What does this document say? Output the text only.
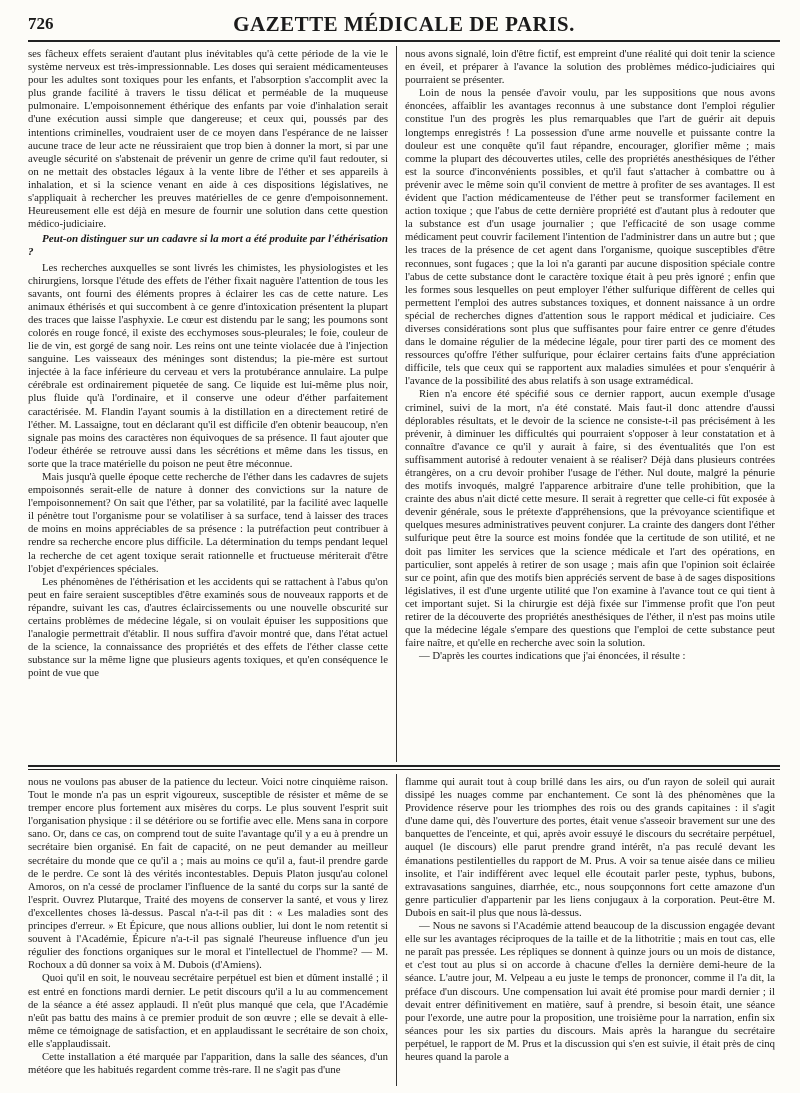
726	GAZETTE MÉDICALE DE PARIS.

ses fâcheux effets seraient d'autant plus inévitables qu'à cette période de la vie le système nerveux est très-impressionnable. Les doses qui seraient médicamenteuses pour les adultes sont toxiques pour les enfants, et l'absorption s'accomplit avec la plus grande facilité à travers le tissu délicat et perméable de la muqueuse pulmonaire. L'empoisonnement éthérique des enfants par voie d'inhalation serait d'une exécution aussi simple que dangereuse; et ceux qui, poussés par des intentions criminelles, voudraient user de ce moyen dans l'espérance de ne laisser aucune trace de leur acte ne réussiraient que trop bien à donner la mort, si par une aveugle sécurité on s'abstenait de prévenir un genre de crime qu'il faut redouter, si on ne mettait des obstacles légaux à la vente libre de l'éther et ses appareils à inhalation, et si la science venant en aide à ces dispositions législatives, ne s'appliquait à rechercher les preuves matérielles de ce genre d'empoisonnement. Heureusement elle est déjà en mesure de fournir une solution dans cette question médico-judiciaire.

Peut-on distinguer sur un cadavre si la mort a été produite par l'éthérisation ?

Les recherches auxquelles se sont livrés les chimistes, les physiologistes et les chirurgiens, lorsque l'étude des effets de l'éther fixait naguère l'attention de tous les savants, ont fourni des éléments propres à éclairer les cas de cette nature. Les animaux éthérisés et qui succombent à ce genre d'intoxication présentent la plupart des traces que laisse l'asphyxie. Le cœur est distendu par le sang; les poumons sont colorés en rouge foncé, il existe des ecchymoses sous-pleurales; le foie, couleur de lie de vin, est gorgé de sang noir. Les reins ont une teinte violacée due à l'injection sanguine. Les vaisseaux des méninges sont distendus; la pie-mère est surtout injectée à la face inférieure du cerveau et vers la protubérance annulaire. La pulpe cérébrale est ordinairement piquetée de sang. Ce liquide est lui-même plus noir, plus fluide qu'à l'ordinaire, et il conserve une odeur d'éther parfaitement caractérisée. M. Flandin l'ayant soumis à la distillation en a directement retiré de l'éther. M. Lassaigne, tout en déclarant qu'il est difficile d'en obtenir beaucoup, n'en signale pas moins des caractères non équivoques de sa présence. Il faut ajouter que l'odeur éthérée se retrouve aussi dans les sécrétions et même dans les tissus, en sorte que la trace matérielle du poison ne peut être méconnue.

Mais jusqu'à quelle époque cette recherche de l'éther dans les cadavres de sujets empoisonnés serait-elle de nature à donner des convictions sur la nature de l'empoisonnement? On sait que l'éther, par sa volatilité, par la facilité avec laquelle il pénètre tout l'organisme pour se volatiliser à sa surface, tend à laisser des traces de moins en moins appréciables de sa présence : la putréfaction peut contribuer à rendre sa recherche encore plus difficile. La détermination du temps pendant lequel la recherche de cet agent toxique serait rationnelle et fructueuse mériterait d'être l'objet d'expériences spéciales.

Les phénomènes de l'éthérisation et les accidents qui se rattachent à l'abus qu'on peut en faire seraient susceptibles d'être examinés sous de nouveaux rapports et de répandre, suivant les cas, d'autres éclaircissements ou une nouvelle obscurité sur certains problèmes de médecine légale, si on voulait épuiser les suppositions que l'analogie permettrait d'établir. Il nous suffira d'avoir montré que, dans l'état actuel de la science, la connaissance des propriétés et des effets de l'éther classe cette substance sur la même ligne que plusieurs agents toxiques, et qu'en conséquence le point de vue que

nous avons signalé, loin d'être fictif, est empreint d'une réalité qui doit tenir la science en éveil, et préparer à l'avance la solution des problèmes médico-judiciaires qui pourraient se présenter.

Loin de nous la pensée d'avoir voulu, par les suppositions que nous avons énoncées, affaiblir les avantages reconnus à une substance dont l'emploi régulier constitue l'un des progrès les plus remarquables que l'art de guérir ait depuis longtemps enregistrés ! La possession d'une arme nouvelle et puissante contre la douleur est une conquête qu'il faut répandre, encourager, glorifier même ; mais comme la plupart des découvertes utiles, celle des propriétés anesthésiques de l'éther est la source d'inconvénients possibles, et qu'il faut s'attacher à combattre ou à prévenir avec le même soin qu'il convient de mettre à profiter de ses avantages. Il est évident que l'action médicamenteuse de l'éther peut se transformer facilement en action toxique ; que l'abus de cette dernière propriété est d'autant plus à redouter que la substance est d'un usage journalier ; que l'efficacité de son usage comme médicament peut couvrir facilement l'intention de l'administrer dans un autre but ; que les traces de la présence de cet agent dans l'organisme, quoique susceptibles d'être reconnues, sont fugaces ; que la loi n'a garanti par aucune disposition spéciale contre l'abus de cette substance dont le caractère toxique était à peu près ignoré ; enfin que les formes sous lesquelles on peut employer l'éther sulfurique diffèrent de celles qui permettent l'emploi des autres substances toxiques, et donnent naissance à un ordre spécial de recherches dignes d'attention sous le rapport médical et judiciaire. Ces diverses considérations sont plus que suffisantes pour faire entrer ce genre d'études dans le domaine régulier de la médecine légale, pour tirer parti des ce moment des ressources qu'offre l'éther sulfurique, pour éclairer certains faits d'une appréciation difficile, tels que ceux qui se rapportent aux maladies simulées et pour s'enquérir à l'avance de la possibilité des abus relatifs à son usage extramédical.

Rien n'a encore été spécifié sous ce dernier rapport, aucun exemple d'usage criminel, suivi de la mort, n'a été constaté. Mais faut-il donc attendre d'aussi déplorables résultats, et le devoir de la science ne consiste-t-il pas précisément à les prévenir, à diminuer les difficultés qui pourraient s'opposer à leur constatation et à connaître d'avance ce qu'il y aurait à faire, si des éventualités que l'on est suffisamment autorisé à redouter venaient à se réaliser? Déjà dans plusieurs contrées étrangères, on a cru devoir prohiber l'usage de l'éther. Nul doute, malgré la pénurie des motifs invoqués, malgré l'apparence arbitraire d'une telle prohibition, que la crainte des abus n'ait dicté cette mesure. Il serait à regretter que celle-ci fût exposée à devenir générale, sous le prétexte d'appréhensions, que la prévoyance scientifique et quelques mesures administratives peuvent conjurer. La crainte des dangers dont l'éther sulfurique peut être la source est moins fondée que la certitude de son utilité, et ne doit pas limiter les services que la science médicale et l'art des opérations, en particulier, sont appelés à retirer de son usage ; mais afin que l'opinion soit éclairée sur ce point, afin que des motifs bien appréciés servent de base à de sages dispositions législatives, il est d'une urgente utilité que l'on examine à l'avance tout ce qui tient à cet important sujet. Si la chirurgie est déjà fixée sur l'immense profit que l'on peut retirer de la découverte des propriétés anesthésiques de l'éther, il n'est pas moins utile que la médecine légale s'empare des questions que l'emploi de cette substance peut faire naître, et qu'elle en recherche avec soin la solution.

— D'après les courtes indications que j'ai énoncées, il résulte :

nous ne voulons pas abuser de la patience du lecteur. Voici notre cinquième raison. Tout le monde n'a pas un esprit vigoureux, susceptible de résister et même de se tremper encore plus fortement aux misères du corps. Le plus souvent l'esprit suit l'organisation physique : il se détériore ou se fortifie avec elle. Mens sana in corpore sano. Or, dans ce cas, on comprend tout de suite l'avantage qu'il y a eu à prendre un secrétaire bien organisé. En fait de capacité, on ne peut demander au meilleur secrétaire du monde que ce qu'il a ; mais au moins ce qu'il a, faut-il prendre garde de le perdre. Ce sont là des vérités incontestables. Depuis Platon jusqu'au colonel Amoros, on n'a cessé de proclamer l'influence de la santé du corps sur la santé de l'esprit. Ouvrez Plutarque, Traité des moyens de conserver la santé, et vous y lirez d'excellentes choses là-dessus. Pascal n'a-t-il pas dit : « Les maladies sont des principes d'erreur. » Et Épicure, que nous allions oublier, lui dont le nom retentit si souvent à l'Académie, Épicure n'a-t-il pas signalé l'heureuse influence d'un jeu régulier des fonctions organiques sur le moral et l'intellectuel de l'homme? — M. Rochoux a dû donner sa voix à M. Dubois (d'Amiens).

Quoi qu'il en soit, le nouveau secrétaire perpétuel est bien et dûment installé ; il est entré en fonctions mardi dernier. Le petit discours qu'il a lu au commencement de la séance a été assez applaudi. Il n'eût plus manqué que cela, que l'Académie n'eût pas battu des mains à ce premier produit de son œuvre ; elle se devait à elle-même ce témoignage de satisfaction, et en applaudissant le secrétaire de son choix, elle s'applaudissait.

Cette installation a été marquée par l'apparition, dans la salle des séances, d'un météore que les habitués regardent comme très-rare. Il ne s'agit pas d'une

flamme qui aurait tout à coup brillé dans les airs, ou d'un rayon de soleil qui aurait dissipé les nuages comme par enchantement. Ce sont là des phénomènes que la Providence réserve pour les triomphes des rois ou des grands capitaines : il s'agit d'une dame qui, dès l'ouverture des portes, était venue s'asseoir bravement sur une des banquettes de l'enceinte, et qui, après avoir essuyé le discours du secrétaire perpétuel, auquel (le discours) elle parut prendre grand intérêt, n'a pas reculé devant les émanations pestilentielles du rapport de M. Prus. A voir sa tenue aisée dans ce milieu insolite, et l'air indifférent avec lequel elle écoutait parler peste, typhus, bubons, extravasations sanguines, diarrhée, etc., nous soupçonnons fort cette amazone d'un genre particulier d'appartenir par les liens conjugaux à la corporation. Peut-être M. Dubois en sait-il plus que nous là-dessus.

— Nous ne savons si l'Académie attend beaucoup de la discussion engagée devant elle sur les avantages réciproques de la taille et de la lithotritie ; mais en tout cas, elle ne paraît pas pressée. Les répliques se donnent à quinze jours ou un mois de distance, et c'est tout au plus si on accorde à chacune d'elles la dernière demi-heure de la séance. L'autre jour, M. Velpeau a eu juste le temps de prononcer, comme il l'a dit, la préface d'un discours. Une compensation lui avait été promise pour mardi dernier ; il devait entrer définitivement en matière, sauf à prendre, si besoin était, une séance pour l'exorde, une autre pour la proposition, une troisième pour la narration, enfin six séances pour les six parties du discours. Mais après la harangue du secrétaire perpétuel, le rapport de M. Prus et la discussion qui s'en est suivie, il était près de cinq heures quand la parole a
